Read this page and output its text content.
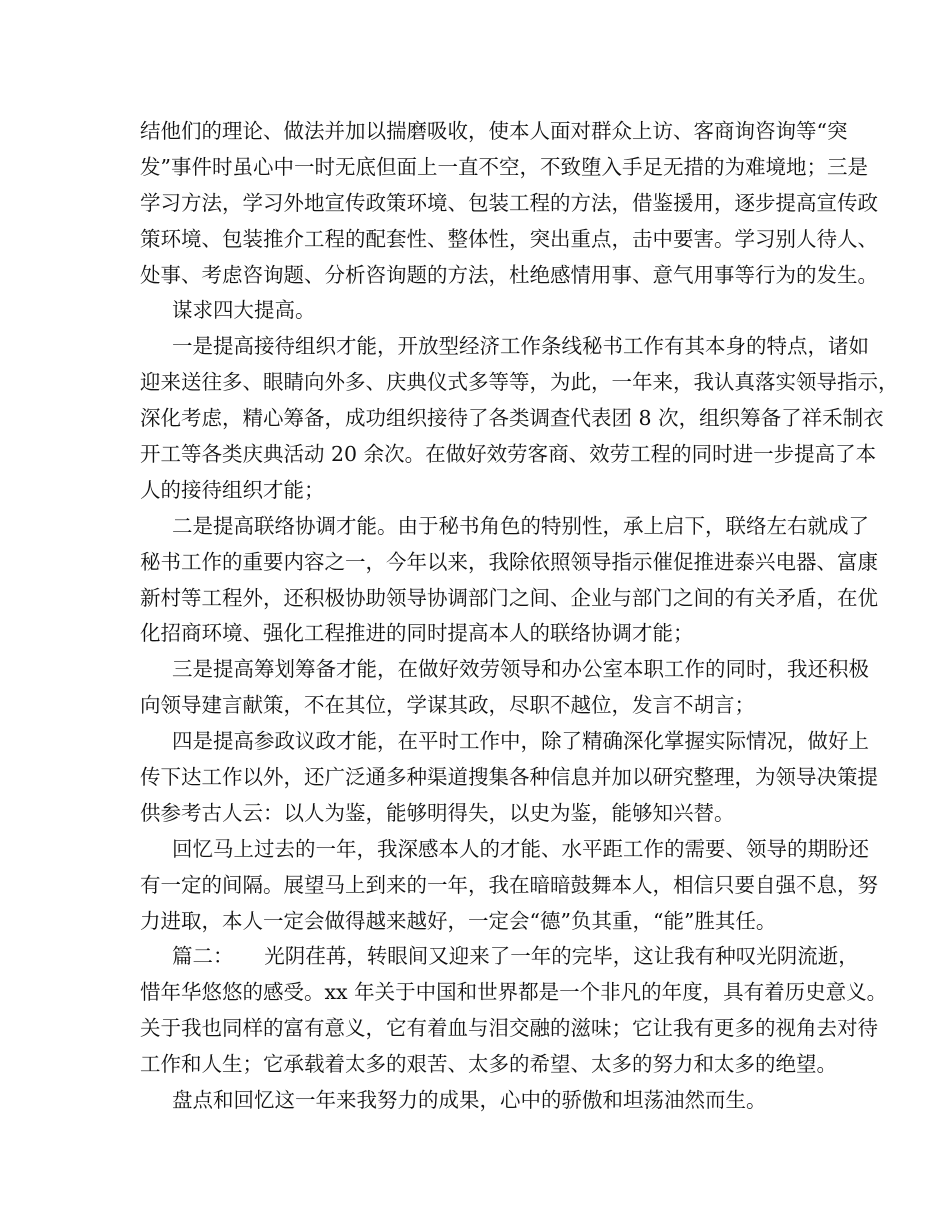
结他们的理论、做法并加以揣磨吸收，使本人面对群众上访、客商询咨询等“突
发”事件时虽心中一时无底但面上一直不空，不致堕入手足无措的为难境地；三是
学习方法，学习外地宣传政策环境、包装工程的方法，借鉴援用，逐步提高宣传政
策环境、包装推介工程的配套性、整体性，突出重点，击中要害。学习别人待人、
处事、考虑咨询题、分析咨询题的方法，杜绝感情用事、意气用事等行为的发生。
谋求四大提高。
一是提高接待组织才能，开放型经济工作条线秘书工作有其本身的特点，诸如
迎来送往多、眼睛向外多、庆典仪式多等等，为此，一年来，我认真落实领导指示，
深化考虑，精心筹备，成功组织接待了各类调查代表团 8 次，组织筹备了祥禾制衣
开工等各类庆典活动 20 余次。在做好效劳客商、效劳工程的同时进一步提高了本
人的接待组织才能；
二是提高联络协调才能。由于秘书角色的特别性，承上启下，联络左右就成了
秘书工作的重要内容之一，今年以来，我除依照领导指示催促推进泰兴电器、富康
新村等工程外，还积极协助领导协调部门之间、企业与部门之间的有关矛盾，在优
化招商环境、强化工程推进的同时提高本人的联络协调才能；
三是提高筹划筹备才能，在做好效劳领导和办公室本职工作的同时，我还积极
向领导建言献策，不在其位，学谋其政，尽职不越位，发言不胡言；
四是提高参政议政才能，在平时工作中，除了精确深化掌握实际情况，做好上
传下达工作以外，还广泛通多种渠道搜集各种信息并加以研究整理，为领导决策提
供参考古人云：以人为鉴，能够明得失，以史为鉴，能够知兴替。
回忆马上过去的一年，我深感本人的才能、水平距工作的需要、领导的期盼还
有一定的间隔。展望马上到来的一年，我在暗暗鼓舞本人，相信只要自强不息，努
力进取，本人一定会做得越来越好，一定会“德”负其重，“能”胜其任。
篇二：　　光阴荏苒，转眼间又迎来了一年的完毕，这让我有种叹光阴流逝，
惜年华悠悠的感受。xx 年关于中国和世界都是一个非凡的年度，具有着历史意义。
关于我也同样的富有意义，它有着血与泪交融的滋味；它让我有更多的视角去对待
工作和人生；它承载着太多的艰苦、太多的希望、太多的努力和太多的绝望。
盘点和回忆这一年来我努力的成果，心中的骄傲和坦荡油然而生。
